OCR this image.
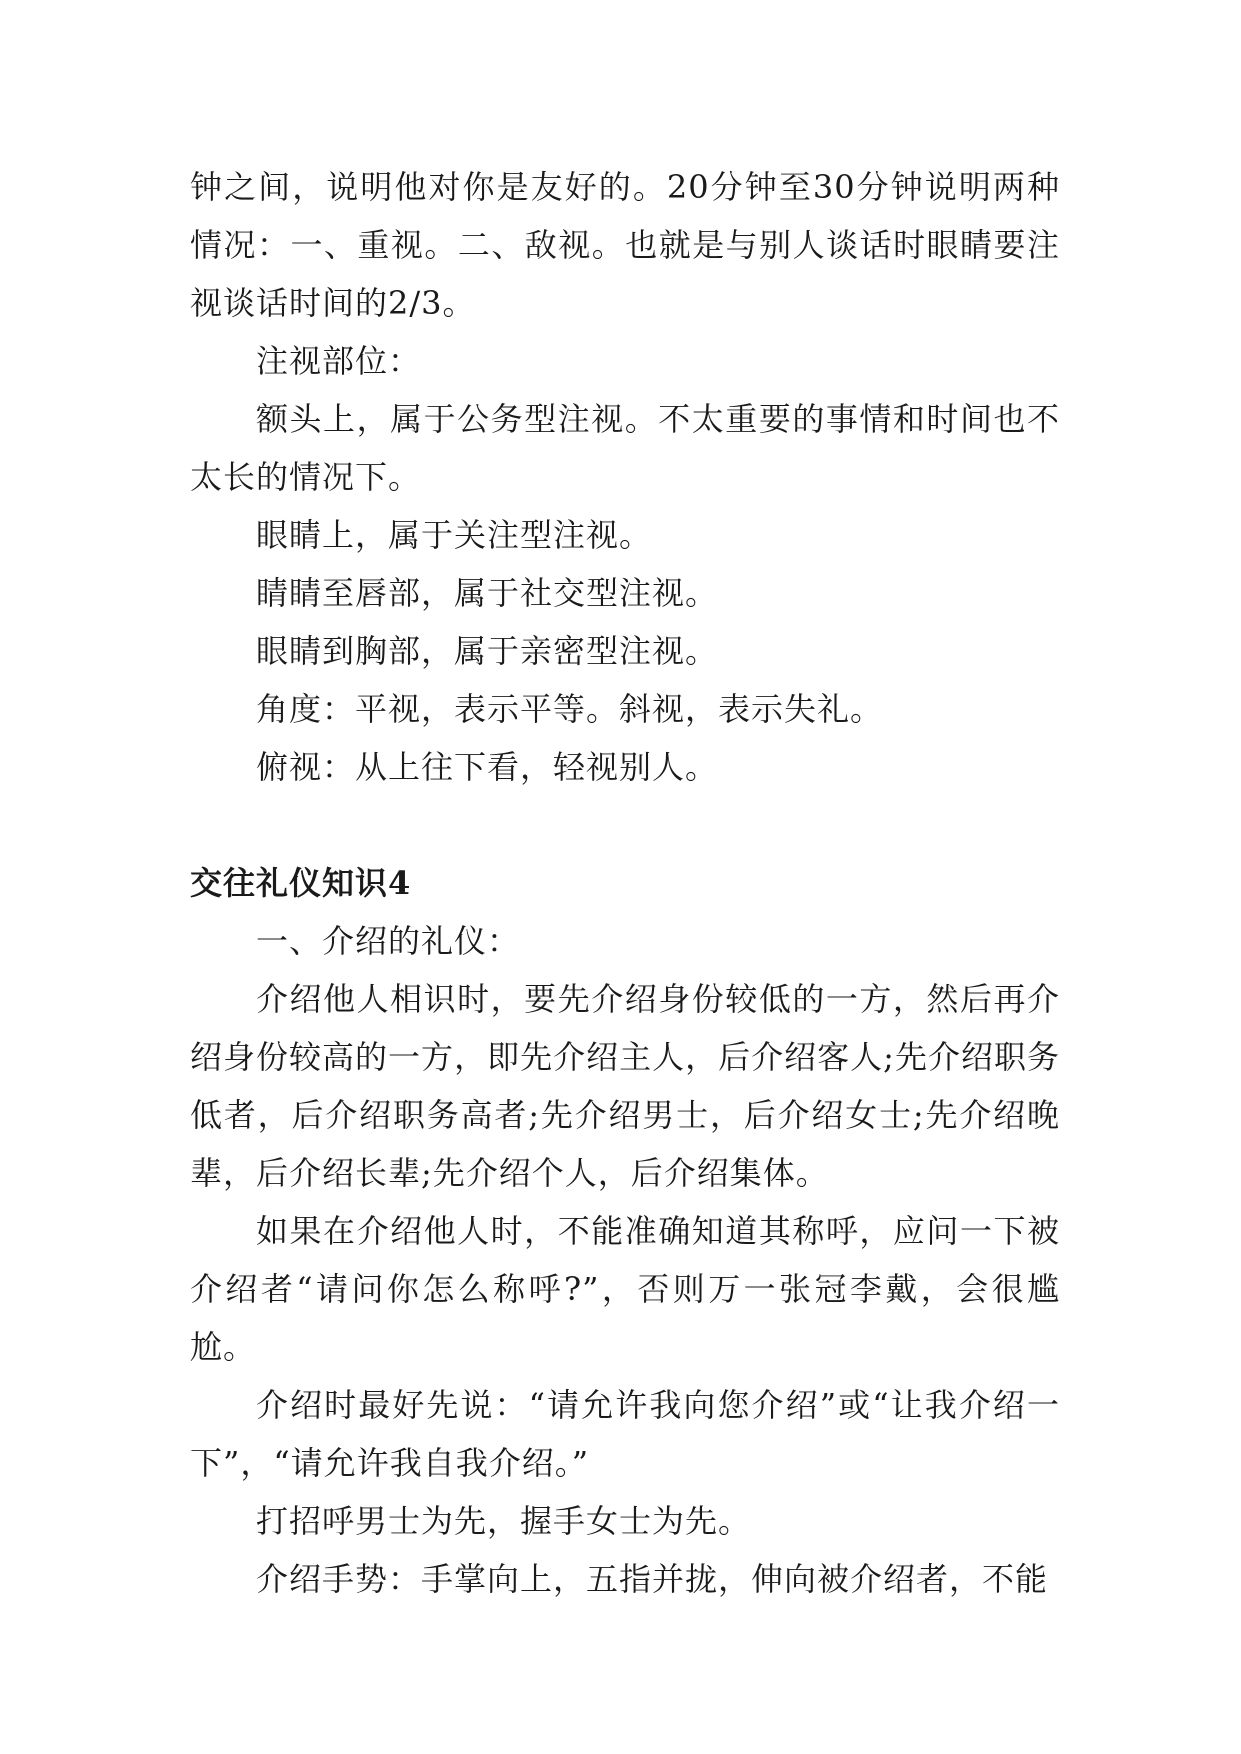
钟之间，说明他对你是友好的。20分钟至30分钟说明两种情况：一、重视。二、敌视。也就是与别人谈话时眼睛要注视谈话时间的2/3。

注视部位：

额头上，属于公务型注视。不太重要的事情和时间也不太长的情况下。

眼睛上，属于关注型注视。

睛睛至唇部，属于社交型注视。

眼睛到胸部，属于亲密型注视。

角度：平视，表示平等。斜视，表示失礼。

俯视：从上往下看，轻视别人。

交往礼仪知识4

一、介绍的礼仪：

介绍他人相识时，要先介绍身份较低的一方，然后再介绍身份较高的一方，即先介绍主人，后介绍客人;先介绍职务低者，后介绍职务高者;先介绍男士，后介绍女士;先介绍晚辈，后介绍长辈;先介绍个人，后介绍集体。

如果在介绍他人时，不能准确知道其称呼，应问一下被介绍者“请问你怎么称呼?”，否则万一张冠李戴，会很尴尬。

介绍时最好先说：“请允许我向您介绍”或“让我介绍一下”，“请允许我自我介绍。”

打招呼男士为先，握手女士为先。

介绍手势：手掌向上，五指并拢，伸向被介绍者，不能
